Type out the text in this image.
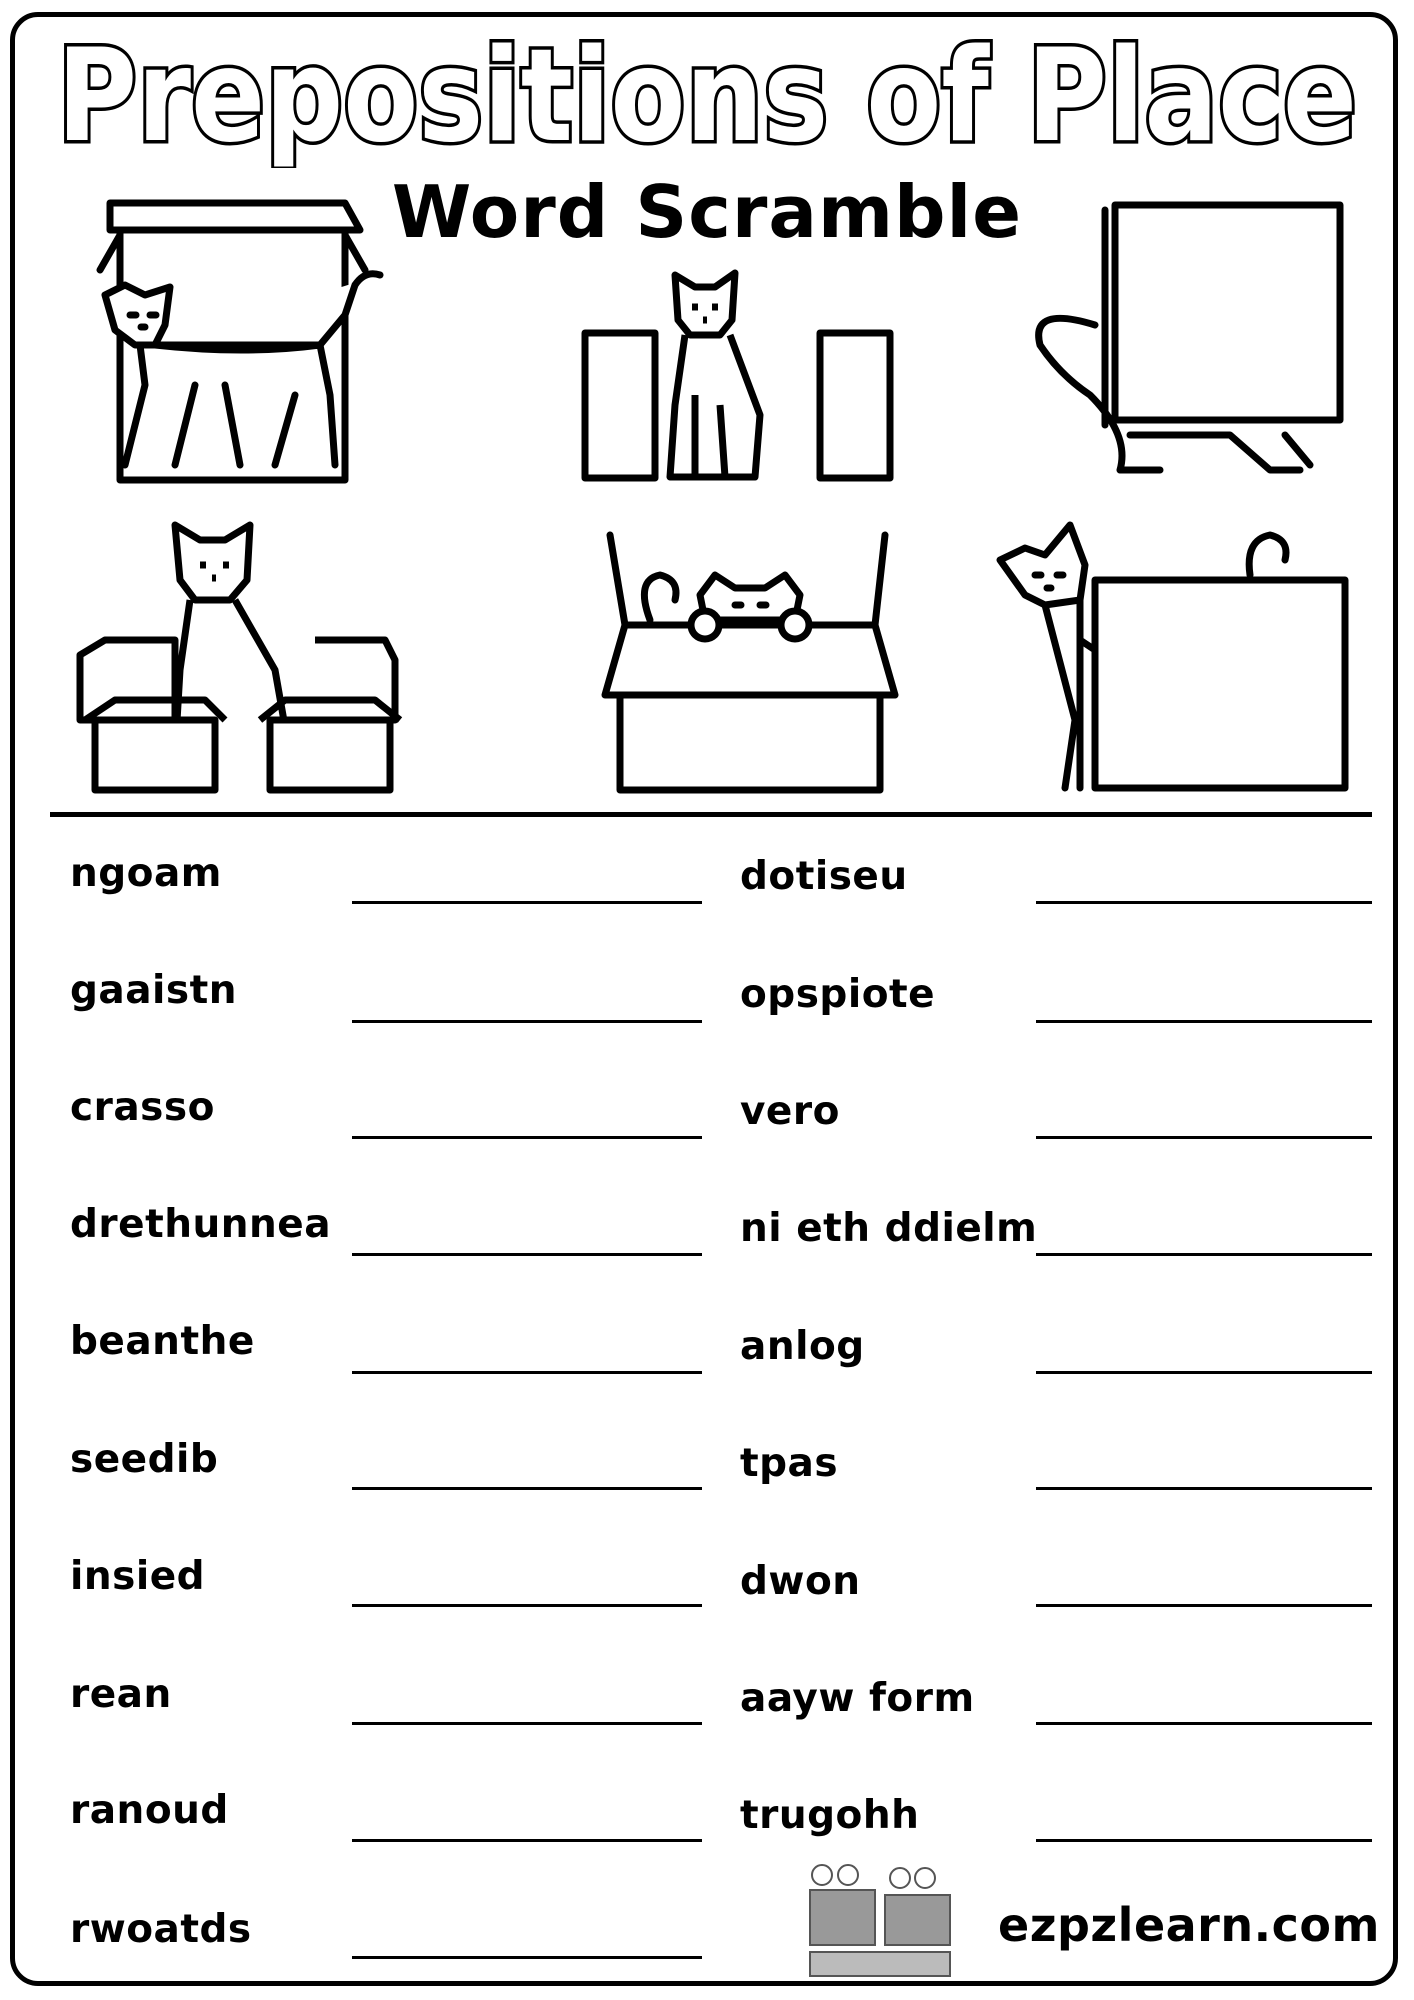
Prepositions of Place
Word Scramble
ngoam
gaaistn
crasso
drethunnea
beanthe
seedib
insied
rean
ranoud
rwoatds
dotiseu
opspiote
vero
ni eth ddielm
anlog
tpas
dwon
aayw form
trugohh
ezpzlearn.com
